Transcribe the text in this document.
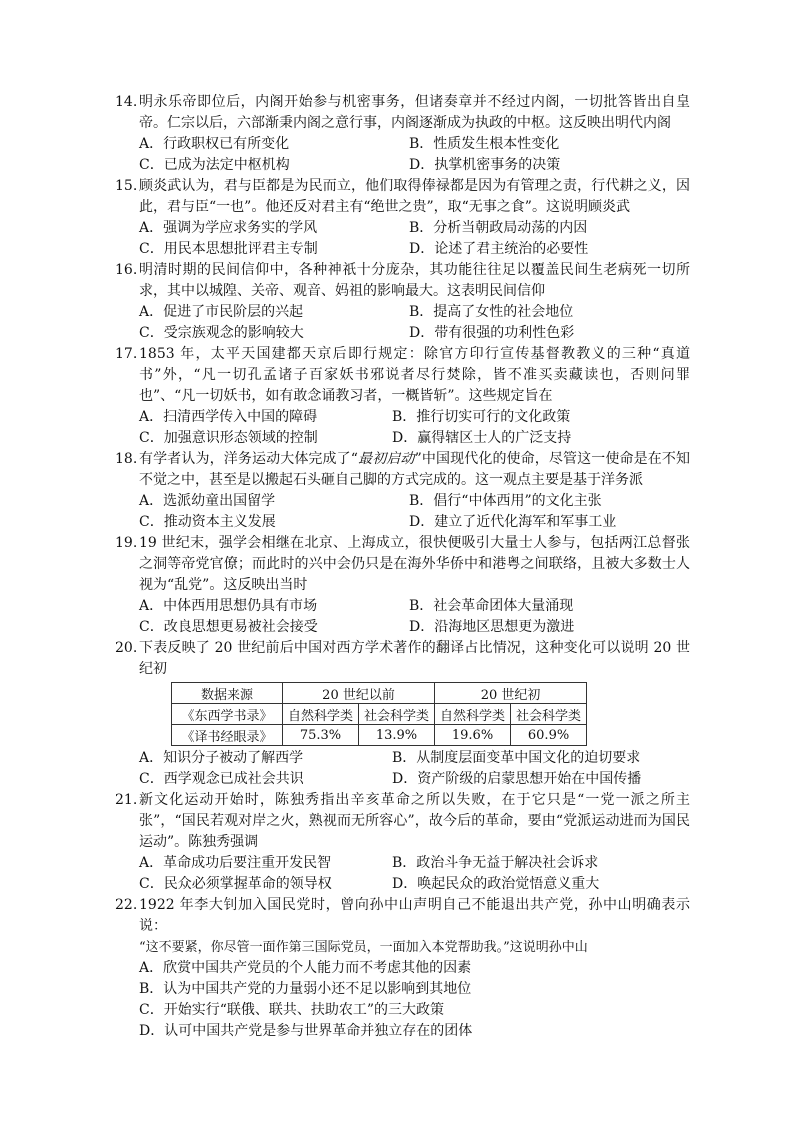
14. 明永乐帝即位后，内阁开始参与机密事务，但诸奏章并不经过内阁，一切批答皆出自皇帝。仁宗以后，六部渐秉内阁之意行事，内阁逐渐成为执政的中枢。这反映出明代内阁
A．行政职权已有所变化	B．性质发生根本性变化
C．已成为法定中枢机构	D．执掌机密事务的决策
15. 顾炎武认为，君与臣都是为民而立，他们取得俸禄都是因为有管理之责，行代耕之义，因此，君与臣“一也”。他还反对君主有“绝世之贵”，取“无事之食”。这说明顾炎武
A．强调为学应求务实的学风	B．分析当朝政局动荡的内因
C．用民本思想批评君主专制	D．论述了君主统治的必要性
16. 明清时期的民间信仰中，各种神祇十分庞杂，其功能往往足以覆盖民间生老病死一切所求，其中以城隍、关帝、观音、妈祖的影响最大。这表明民间信仰
A．促进了市民阶层的兴起	B．提高了女性的社会地位
C．受宗族观念的影响较大	D．带有很强的功利性色彩
17. 1853 年，太平天国建都天京后即行规定：除官方印行宣传基督教教义的三种“真道书”外，“凡一切孔孟诸子百家妖书邪说者尽行焚除，皆不准买卖藏读也，否则问罪也”、“凡一切妖书，如有敢念诵教习者，一概皆斩”。这些规定旨在
A．扫清西学传入中国的障碍	B．推行切实可行的文化政策
C．加强意识形态领域的控制	D．赢得辖区士人的广泛支持
18. 有学者认为，洋务运动大体完成了“最初启动”中国现代化的使命，尽管这一使命是在不知不觉之中，甚至是以搬起石头砸自己脚的方式完成的。这一观点主要是基于洋务派
A．选派幼童出国留学	B．倡行“中体西用”的文化主张
C．推动资本主义发展	D．建立了近代化海军和军事工业
19. 19 世纪末，强学会相继在北京、上海成立，很快便吸引大量士人参与，包括两江总督张之洞等帝党官僚；而此时的兴中会仍只是在海外华侨中和港粤之间联络，且被大多数士人视为“乱党”。这反映出当时
A．中体西用思想仍具有市场	B．社会革命团体大量涌现
C．改良思想更易被社会接受	D．沿海地区思想更为激进
20. 下表反映了 20 世纪前后中国对西方学术著作的翻译占比情况，这种变化可以说明 20 世纪初
数据来源	20 世纪以前		20 世纪初	
《东西学书录》	自然科学类	社会科学类	自然科学类	社会科学类
《译书经眼录》	75.3%	13.9%	19.6%	60.9%
A．知识分子被动了解西学	B．从制度层面变革中国文化的迫切要求
C．西学观念已成社会共识	D．资产阶级的启蒙思想开始在中国传播
21. 新文化运动开始时，陈独秀指出辛亥革命之所以失败，在于它只是“一党一派之所主张”，“国民若观对岸之火，熟视而无所容心”，故今后的革命，要由“党派运动进而为国民运动”。陈独秀强调
A．革命成功后要注重开发民智	B．政治斗争无益于解决社会诉求
C．民众必须掌握革命的领导权	D．唤起民众的政治觉悟意义重大
22. 1922 年李大钊加入国民党时，曾向孙中山声明自己不能退出共产党，孙中山明确表示说：
“这不要紧，你尽管一面作第三国际党员，一面加入本党帮助我。”这说明孙中山
A．欣赏中国共产党员的个人能力而不考虑其他的因素
B．认为中国共产党的力量弱小还不足以影响到其地位
C．开始实行“联俄、联共、扶助农工”的三大政策
D．认可中国共产党是参与世界革命并独立存在的团体
